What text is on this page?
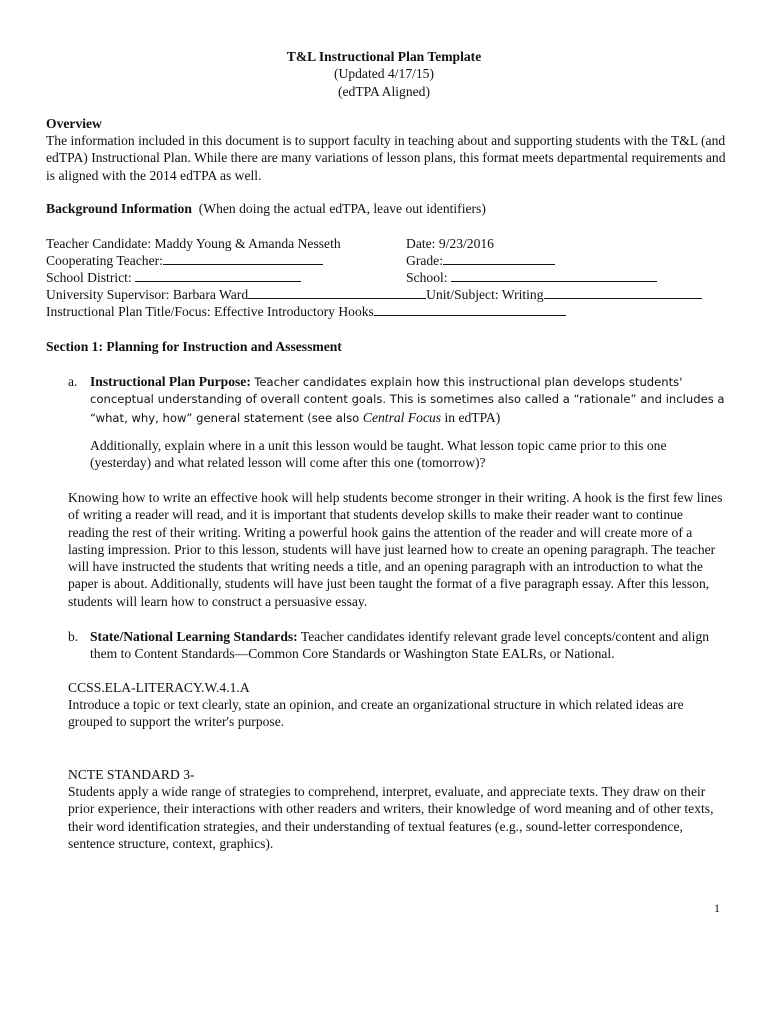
T&L Instructional Plan Template
(Updated 4/17/15)
(edTPA Aligned)
Overview
The information included in this document is to support faculty in teaching about and supporting students with the T&L (and edTPA) Instructional Plan. While there are many variations of lesson plans, this format meets departmental requirements and is aligned with the 2014 edTPA as well.
Background Information (When doing the actual edTPA, leave out identifiers)
Teacher Candidate: Maddy Young & Amanda Nesseth	Date: 9/23/2016
Cooperating Teacher:	Grade:
School District:	School:
University Supervisor: Barbara Ward	Unit/Subject: Writing
Instructional Plan Title/Focus: Effective Introductory Hooks
Section 1: Planning for Instruction and Assessment
a. Instructional Plan Purpose: Teacher candidates explain how this instructional plan develops students'
conceptual understanding of overall content goals. This is sometimes also called a “rationale” and includes a
“what, why, how” general statement (see also Central Focus in edTPA)
Additionally, explain where in a unit this lesson would be taught. What lesson topic came prior to this one (yesterday) and what related lesson will come after this one (tomorrow)?
Knowing how to write an effective hook will help students become stronger in their writing. A hook is the first few lines of writing a reader will read, and it is important that students develop skills to make their reader want to continue reading the rest of their writing. Writing a powerful hook gains the attention of the reader and will create more of a lasting impression. Prior to this lesson, students will have just learned how to create an opening paragraph. The teacher will have instructed the students that writing needs a title, and an opening paragraph with an introduction to what the paper is about. Additionally, students will have just been taught the format of a five paragraph essay. After this lesson, students will learn how to construct a persuasive essay.
b. State/National Learning Standards: Teacher candidates identify relevant grade level concepts/content and align them to Content Standards—Common Core Standards or Washington State EALRs, or National.
CCSS.ELA-LITERACY.W.4.1.A
Introduce a topic or text clearly, state an opinion, and create an organizational structure in which related ideas are grouped to support the writer's purpose.
NCTE STANDARD 3-
Students apply a wide range of strategies to comprehend, interpret, evaluate, and appreciate texts. They draw on their prior experience, their interactions with other readers and writers, their knowledge of word meaning and of other texts, their word identification strategies, and their understanding of textual features (e.g., sound-letter correspondence, sentence structure, context, graphics).
1
